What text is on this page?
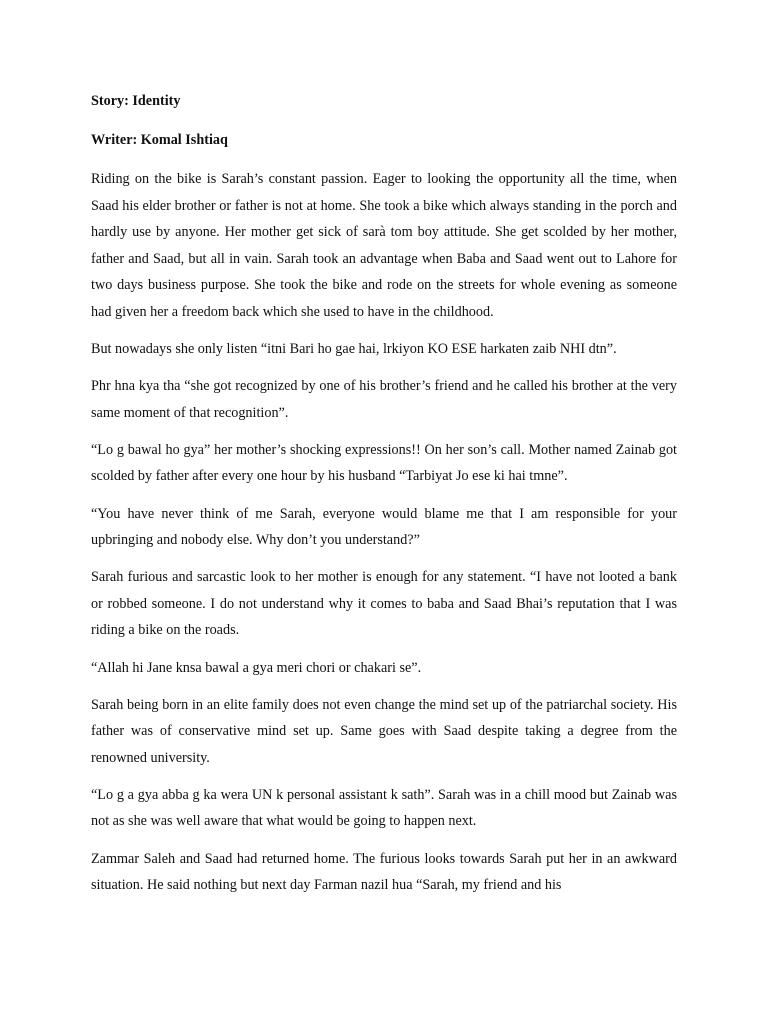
Story: Identity
Writer: Komal Ishtiaq

Riding on the bike is Sarah’s constant passion. Eager to looking the opportunity all the time, when Saad his elder brother or father is not at home. She took a bike which always standing in the porch and hardly use by anyone. Her mother get sick of sarà tom boy attitude. She get scolded by her mother, father and Saad, but all in vain. Sarah took an advantage when Baba and Saad went out to Lahore for two days business purpose. She took the bike and rode on the streets for whole evening as someone had given her a freedom back which she used to have in the childhood.

But nowadays she only listen “itni Bari ho gae hai, lrkiyon KO ESE harkaten zaib NHI dtn”.

Phr hna kya tha “she got recognized by one of his brother’s friend and he called his brother at the very same moment of that recognition”.

“Lo g bawal ho gya” her mother’s shocking expressions!! On her son’s call. Mother named Zainab got scolded by father after every one hour by his husband “Tarbiyat Jo ese ki hai tmne”.

“You have never think of me Sarah, everyone would blame me that I am responsible for your upbringing and nobody else. Why don’t you understand?”

Sarah furious and sarcastic look to her mother is enough for any statement. “I have not looted a bank or robbed someone. I do not understand why it comes to baba and Saad Bhai’s reputation that I was riding a bike on the roads.

“Allah hi Jane knsa bawal a gya meri chori or chakari se”.

Sarah being born in an elite family does not even change the mind set up of the patriarchal society. His father was of conservative mind set up. Same goes with Saad despite taking a degree from the renowned university.

“Lo g a gya abba g ka wera UN k personal assistant k sath”. Sarah was in a chill mood but Zainab was not as she was well aware that what would be going to happen next.

Zammar Saleh and Saad had returned home. The furious looks towards Sarah put her in an awkward situation. He said nothing but next day Farman nazil hua “Sarah, my friend and his
